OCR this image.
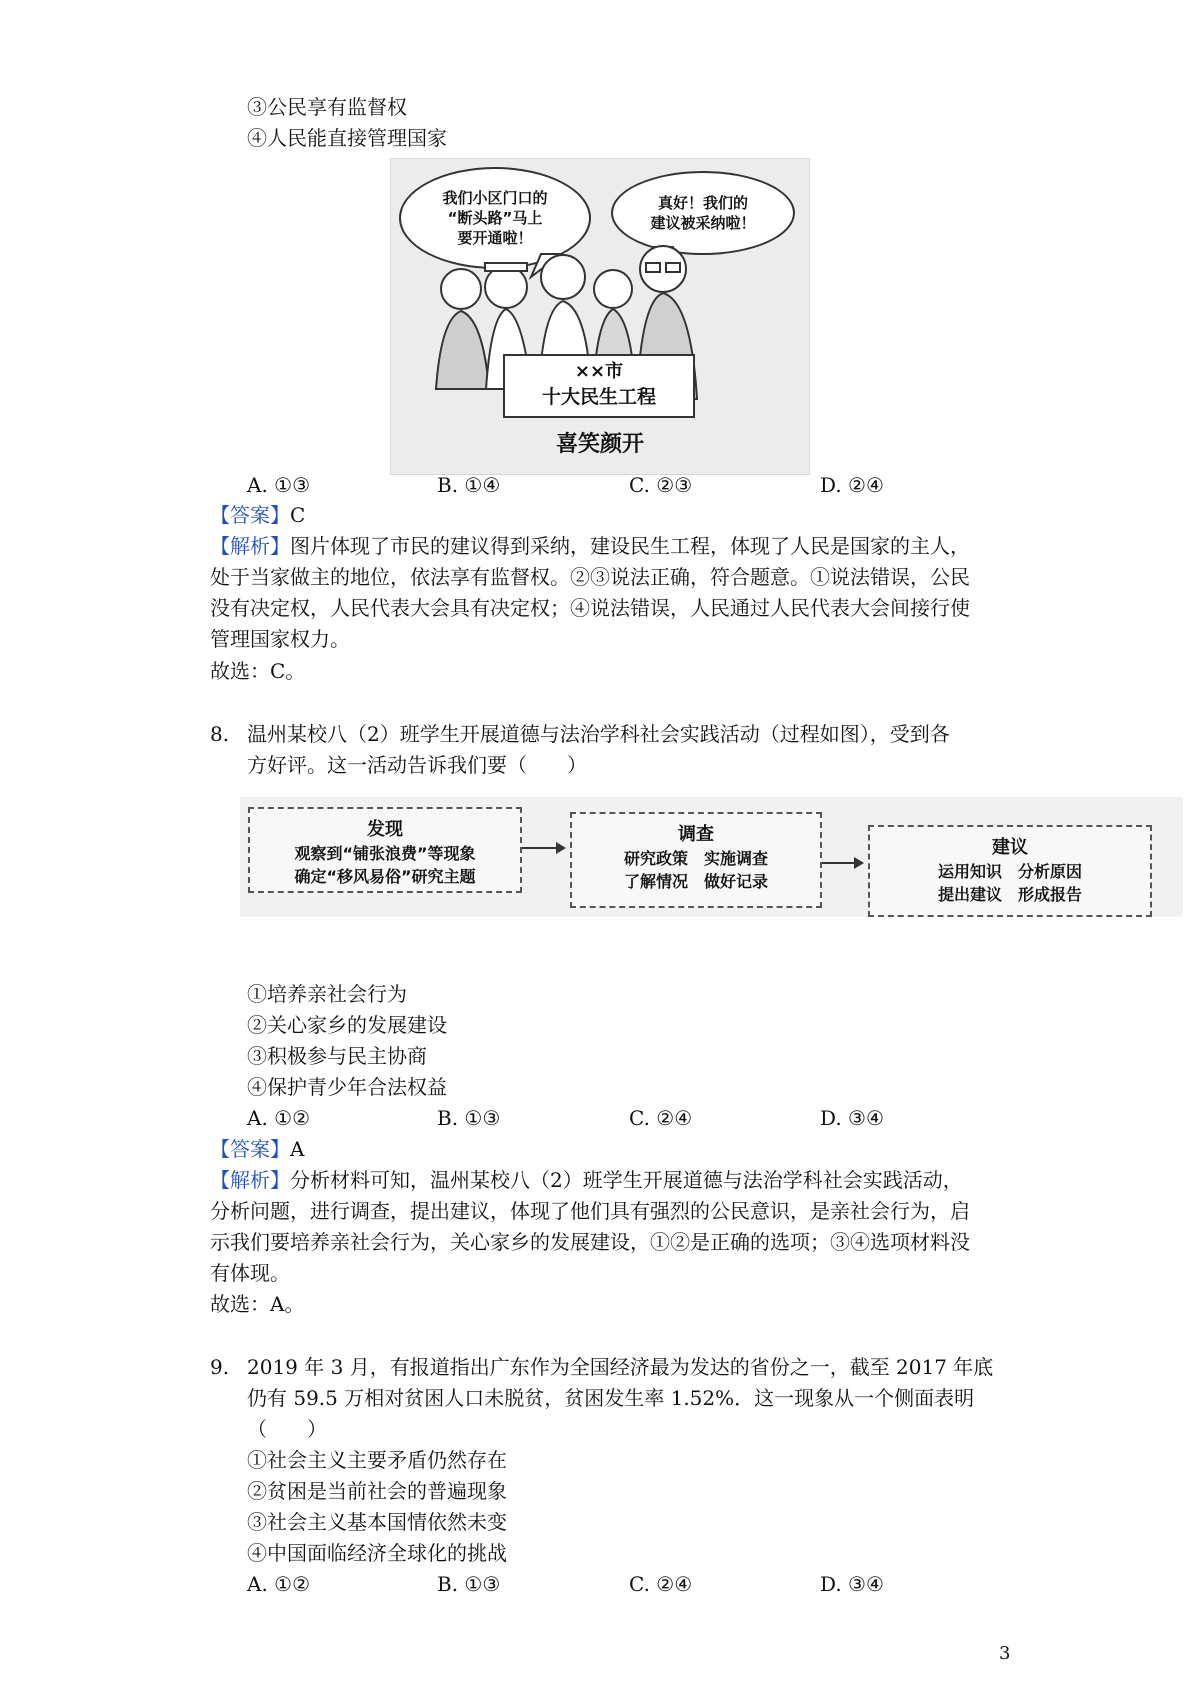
③公民享有监督权
④人民能直接管理国家
我们小区门口的
“断头路”马上
要开通啦！
真好！我们的
建议被采纳啦！
××市
十大民生工程
喜笑颜开
A. ①③	B. ①④	C. ②③	D. ②④
【答案】C
【解析】图片体现了市民的建议得到采纳，建设民生工程，体现了人民是国家的主人，
处于当家做主的地位，依法享有监督权。②③说法正确，符合题意。①说法错误，公民
没有决定权，人民代表大会具有决定权；④说法错误，人民通过人民代表大会间接行使
管理国家权力。
故选：C。
8. 温州某校八（2）班学生开展道德与法治学科社会实践活动（过程如图），受到各
方好评。这一活动告诉我们要（　　）
发现
观察到“铺张浪费”等现象
确定“移风易俗”研究主题
调查
研究政策　实施调查
了解情况　做好记录
建议
运用知识　分析原因
提出建议　形成报告
①培养亲社会行为
②关心家乡的发展建设
③积极参与民主协商
④保护青少年合法权益
A. ①②	B. ①③	C. ②④	D. ③④
【答案】A
【解析】分析材料可知，温州某校八（2）班学生开展道德与法治学科社会实践活动，
分析问题，进行调查，提出建议，体现了他们具有强烈的公民意识，是亲社会行为，启
示我们要培养亲社会行为，关心家乡的发展建设，①②是正确的选项；③④选项材料没
有体现。
故选：A。
9. 2019 年 3 月，有报道指出广东作为全国经济最为发达的省份之一，截至 2017 年底
仍有 59.5 万相对贫困人口未脱贫，贫困发生率 1.52%．这一现象从一个侧面表明
（　　）
①社会主义主要矛盾仍然存在
②贫困是当前社会的普遍现象
③社会主义基本国情依然未变
④中国面临经济全球化的挑战
A. ①②	B. ①③	C. ②④	D. ③④
3
